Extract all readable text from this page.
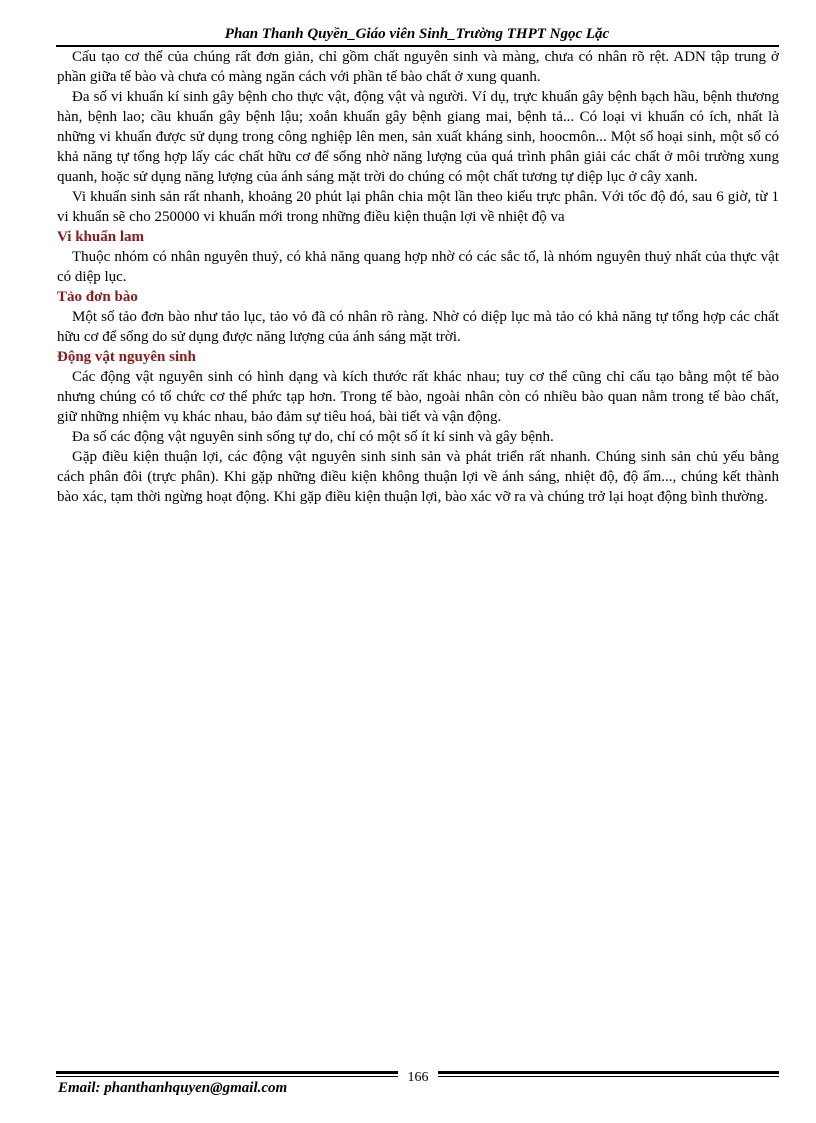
Phan Thanh Quyền_Giáo viên Sinh_Trường THPT Ngọc Lặc

Cấu tạo cơ thể của chúng rất đơn giản, chỉ gồm chất nguyên sinh và màng, chưa có nhân rõ rệt. ADN tập trung ở phần giữa tế bào và chưa có màng ngăn cách với phần tế bào chất ở xung quanh.

Đa số vi khuẩn kí sinh gây bệnh cho thực vật, động vật và người. Ví dụ, trực khuẩn gây bệnh bạch hầu, bệnh thương hàn, bệnh lao; cầu khuẩn gây bệnh lậu; xoắn khuẩn gây bệnh giang mai, bệnh tả... Có loại vi khuẩn có ích, nhất là những vi khuẩn được sử dụng trong công nghiệp lên men, sản xuất kháng sinh, hoocmôn... Một số hoại sinh, một số có khả năng tự tổng hợp lấy các chất hữu cơ để sống nhờ năng lượng của quá trình phân giải các chất ở môi trường xung quanh, hoặc sử dụng năng lượng của ánh sáng mặt trời do chúng có một chất tương tự diệp lục ở cây xanh.

Vi khuẩn sinh sản rất nhanh, khoảng 20 phút lại phân chia một lần theo kiểu trực phân. Với tốc độ đó, sau 6 giờ, từ 1 vi khuẩn sẽ cho 250000 vi khuẩn mới trong những điều kiện thuận lợi về nhiệt độ va

Vi khuẩn lam

Thuộc nhóm có nhân nguyên thuỷ, có khả năng quang hợp nhờ có các sắc tố, là nhóm nguyên thuỷ nhất của thực vật có diệp lục.

Tảo đơn bào

Một số tảo đơn bào như tảo lục, tảo vỏ đã có nhân rõ ràng. Nhờ có diệp lục mà tảo có khả năng tự tổng hợp các chất hữu cơ để sống do sử dụng được năng lượng của ánh sáng mặt trời.

Động vật nguyên sinh

Các động vật nguyên sinh có hình dạng và kích thước rất khác nhau; tuy cơ thể cũng chỉ cấu tạo bằng một tế bào nhưng chúng có tổ chức cơ thể phức tạp hơn. Trong tế bào, ngoài nhân còn có nhiều bào quan nằm trong tế bào chất, giữ những nhiệm vụ khác nhau, bảo đảm sự tiêu hoá, bài tiết và vận động.

Đa số các động vật nguyên sinh sống tự do, chỉ có một số ít kí sinh và gây bệnh.

Gặp điều kiện thuận lợi, các động vật nguyên sinh sinh sản và phát triển rất nhanh. Chúng sinh sản chủ yếu bằng cách phân đôi (trực phân). Khi gặp những điều kiện không thuận lợi về ánh sáng, nhiệt độ, độ ẩm..., chúng kết thành bào xác, tạm thời ngừng hoạt động. Khi gặp điều kiện thuận lợi, bào xác vỡ ra và chúng trở lại hoạt động bình thường.

166
Email: phanthanhquyen@gmail.com
